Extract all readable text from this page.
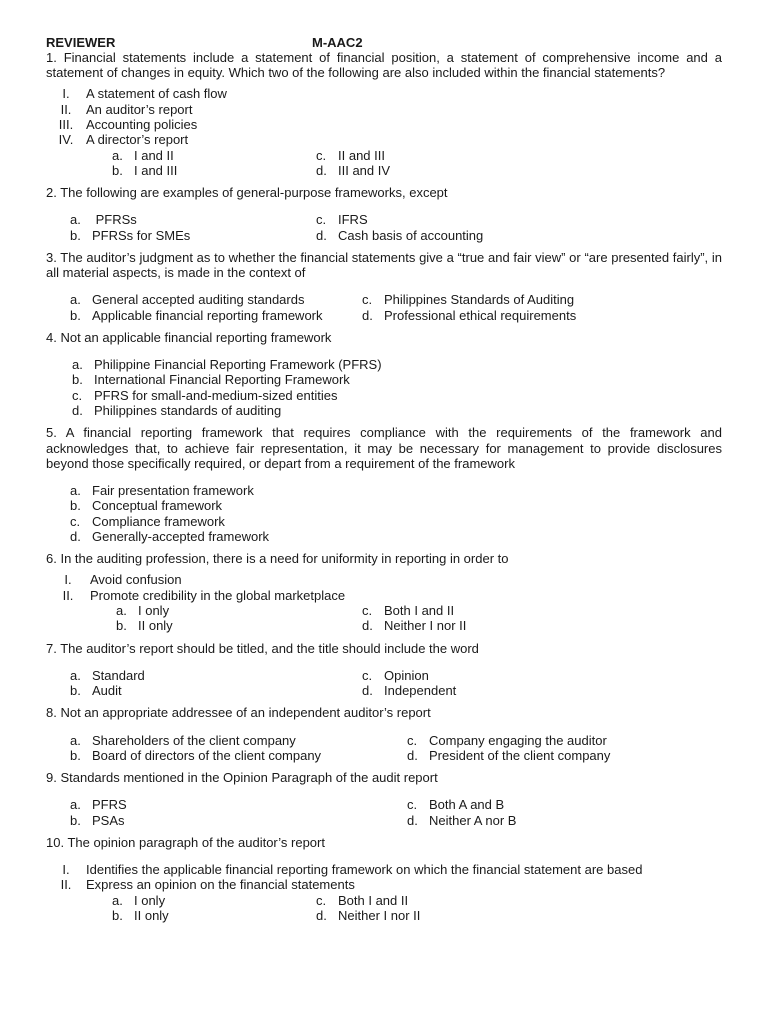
REVIEWER	M-AAC2

1. Financial statements include a statement of financial position, a statement of comprehensive income and a statement of changes in equity. Which two of the following are also included within the financial statements?

I.	A statement of cash flow
II.	An auditor’s report
III. Accounting policies
IV. A director’s report
a. I and II	c. II and III
b. I and III	d. III and IV

2. The following are examples of general-purpose frameworks, except

a. PFRSs	c. IFRS
b. PFRSs for SMEs	d. Cash basis of accounting

3. The auditor’s judgment as to whether the financial statements give a “true and fair view” or “are presented fairly”, in all material aspects, is made in the context of

a. General accepted auditing standards	c. Philippines Standards of Auditing
b. Applicable financial reporting framework	d. Professional ethical requirements

4. Not an applicable financial reporting framework

a. Philippine Financial Reporting Framework (PFRS)
b. International Financial Reporting Framework
c. PFRS for small-and-medium-sized entities
d. Philippines standards of auditing

5. A financial reporting framework that requires compliance with the requirements of the framework and acknowledges that, to achieve fair representation, it may be necessary for management to provide disclosures beyond those specifically required, or depart from a requirement of the framework

a. Fair presentation framework
b. Conceptual framework
c. Compliance framework
d. Generally-accepted framework

6. In the auditing profession, there is a need for uniformity in reporting in order to

I.	Avoid confusion
II.	Promote credibility in the global marketplace
a. I only	c. Both I and II
b. II only	d. Neither I nor II

7. The auditor’s report should be titled, and the title should include the word

a. Standard	c. Opinion
b. Audit	d. Independent

8. Not an appropriate addressee of an independent auditor’s report

a. Shareholders of the client company	c. Company engaging the auditor
b. Board of directors of the client company	d. President of the client company

9. Standards mentioned in the Opinion Paragraph of the audit report

a. PFRS	c. Both A and B
b. PSAs	d. Neither A nor B

10. The opinion paragraph of the auditor’s report

I.	Identifies the applicable financial reporting framework on which the financial statement are based
II.	Express an opinion on the financial statements
a. I only	c. Both I and II
b. II only	d. Neither I nor II
